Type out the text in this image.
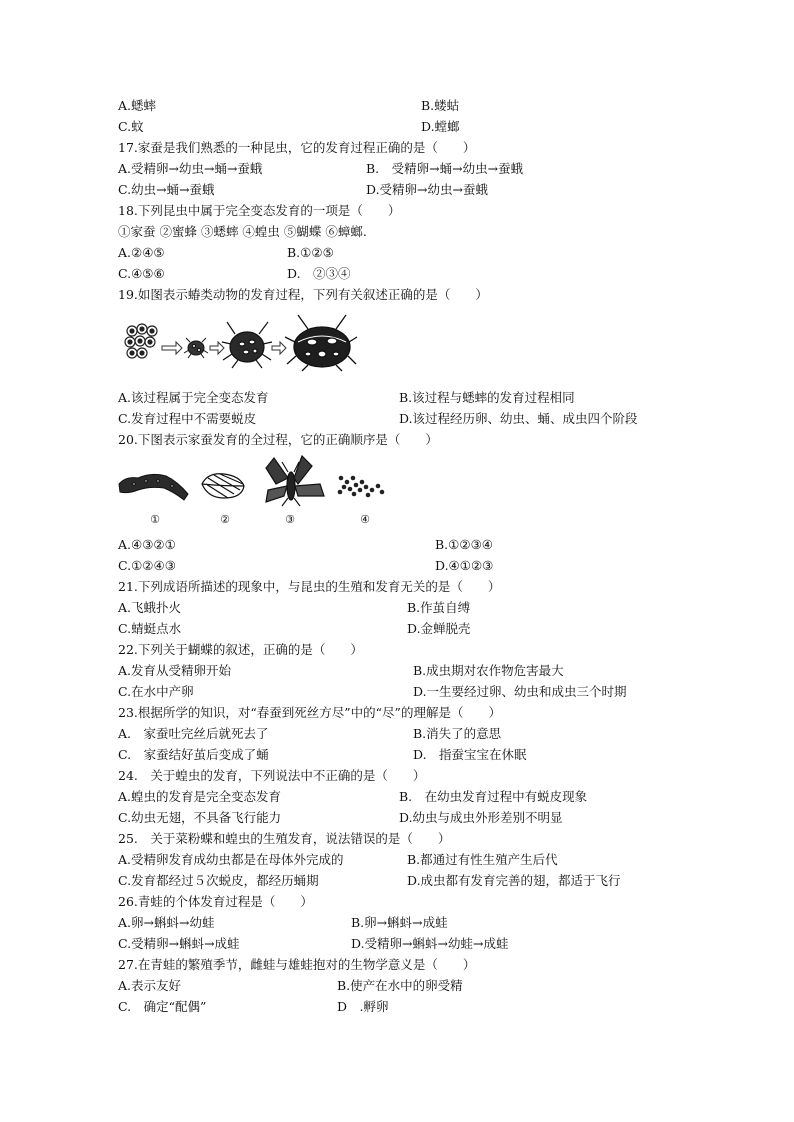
A.蟋蟀	B.蝼蛄
C.蚊	D.螳螂
17.家蚕是我们熟悉的一种昆虫，它的发育过程正确的是（　　）
A.受精卵→幼虫→蛹→蚕蛾	B.　受精卵→蛹→幼虫→蚕蛾
C.幼虫→蛹→蚕蛾	D.受精卵→幼虫→蚕蛾
18.下列昆虫中属于完全变态发育的一项是（　　）
①家蚕 ②蜜蜂 ③蟋蟀 ④蝗虫 ⑤蝴蝶 ⑥蟑螂.
A.②④⑤	B.①②⑤
C.④⑤⑥	D.　②③④
19.如图表示蝽类动物的发育过程，下列有关叙述正确的是（　　）
A.该过程属于完全变态发育	B.该过程与蟋蟀的发育过程相同
C.发育过程中不需要蜕皮	D.该过程经历卵、幼虫、蛹、成虫四个阶段
20.下图表示家蚕发育的全过程，它的正确顺序是（　　）
A.④③②①	B.①②③④
C.①②④③	D.④①②③
21.下列成语所描述的现象中，与昆虫的生殖和发育无关的是（　　）
A.飞蛾扑火	B.作茧自缚
C.蜻蜓点水	D.金蝉脱壳
22.下列关于蝴蝶的叙述，正确的是（　　）
A.发育从受精卵开始	B.成虫期对农作物危害最大
C.在水中产卵	D.一生要经过卵、幼虫和成虫三个时期
23.根据所学的知识，对“春蚕到死丝方尽”中的“尽”的理解是（　　）
A.　家蚕吐完丝后就死去了	B.消失了的意思
C.　家蚕结好茧后变成了蛹	D.　指蚕宝宝在休眠
24.　关于蝗虫的发育，下列说法中不正确的是（　　）
A.蝗虫的发育是完全变态发育	B.　在幼虫发育过程中有蜕皮现象
C.幼虫无翅，不具备飞行能力	D.幼虫与成虫外形差别不明显
25.　关于菜粉蝶和蝗虫的生殖发育，说法错误的是（　　）
A.受精卵发育成幼虫都是在母体外完成的	B.都通过有性生殖产生后代
C.发育都经过５次蜕皮，都经历蛹期	D.成虫都有发育完善的翅，都适于飞行
26.青蛙的个体发育过程是（　　）
A.卵→蝌蚪→幼蛙	B.卵→蝌蚪→成蛙
C.受精卵→蝌蚪→成蛙	D.受精卵→蝌蚪→幼蛙→成蛙
27.在青蛙的繁殖季节，雌蛙与雄蛙抱对的生物学意义是（　　）
A.表示友好	B.使产在水中的卵受精
C.　确定“配偶”	D　.孵卵
①	②	③	④
